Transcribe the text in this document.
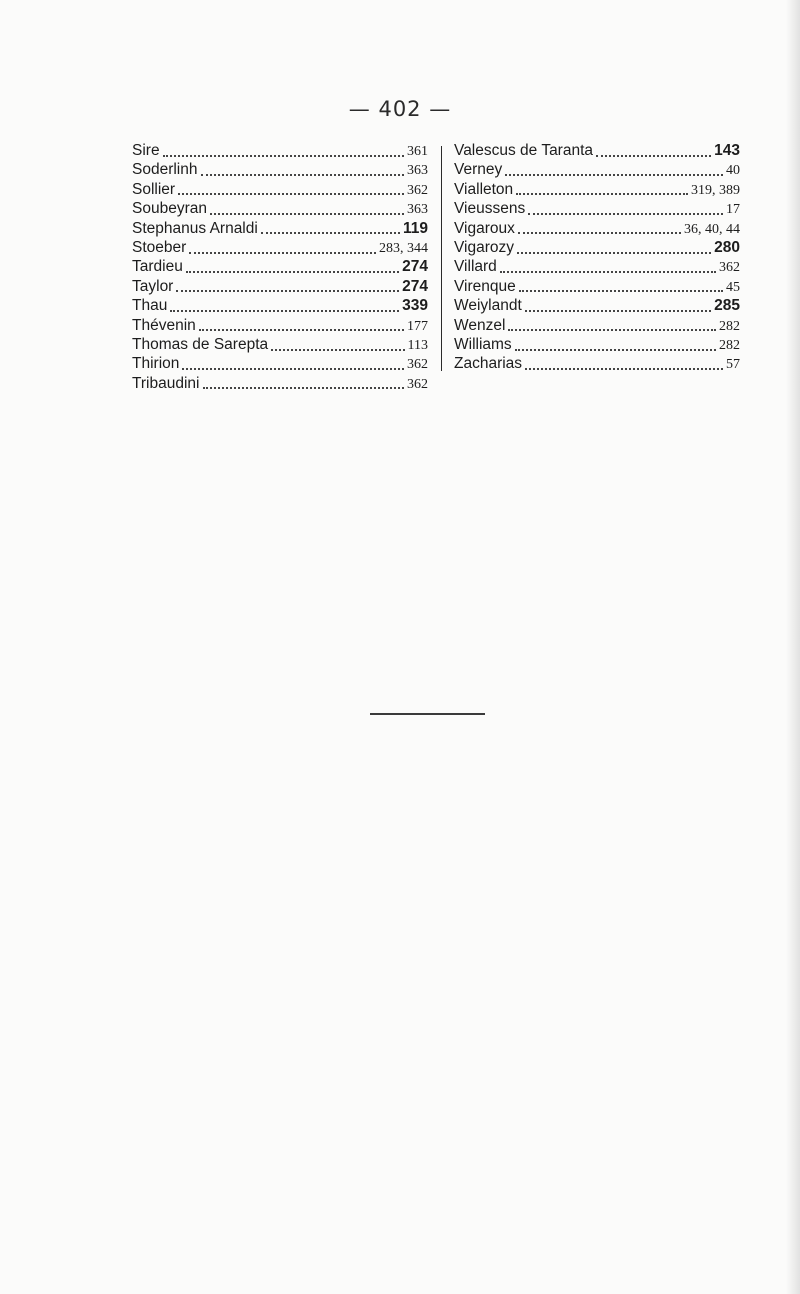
— 402 —
Sire	361
Soderlinh	363
Sollier	362
Soubeyran	363
Stephanus Arnaldi	119
Stoeber	283, 344
Tardieu	274
Taylor	274
Thau	339
Thévenin	177
Thomas de Sarepta	113
Thirion	362
Tribaudini	362
Valescus de Taranta	143
Verney	40
Vialleton	319, 389
Vieussens	17
Vigaroux	36, 40, 44
Vigarozy	280
Villard	362
Virenque	45
Weiylandt	285
Wenzel	282
Williams	282
Zacharias	57
